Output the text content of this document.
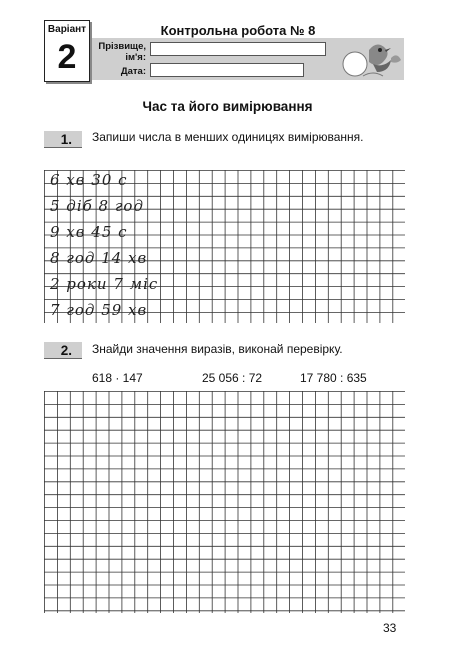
Варіант
2
Контрольна робота № 8
Прізвище, ім'я:
Дата:
Час та його вимірювання
1.	Запиши числа в менших одиницях вимірювання.
6 хв 30 с
5 діб 8 год
9 хв 45 с
8 год 14 хв
2 роки 7 міс
7 год 59 хв
2.	Знайди значення виразів, виконай перевірку.
618 · 147	25 056 : 72	17 780 : 635
33
